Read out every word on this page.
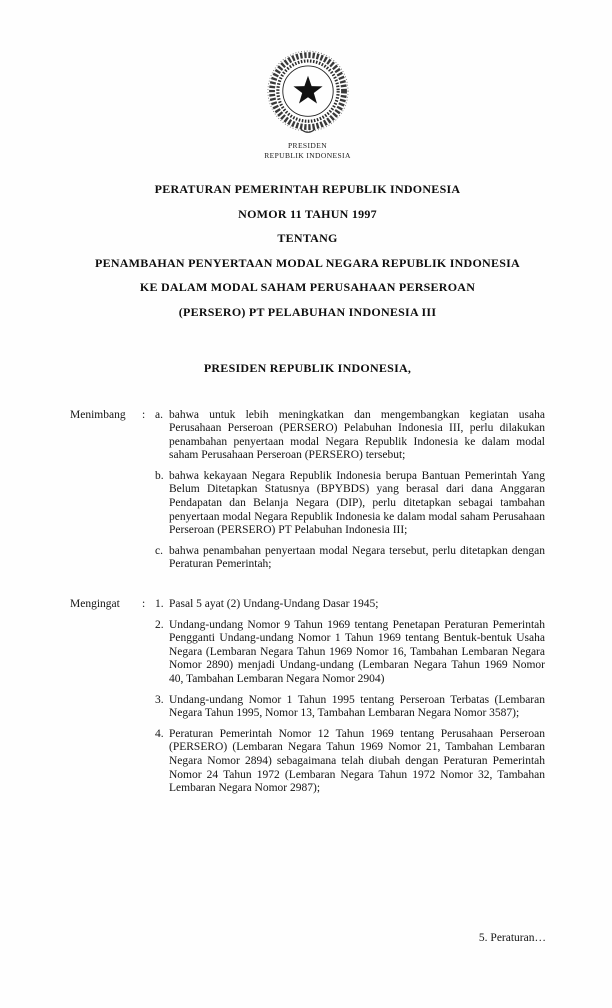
PRESIDEN
REPUBLIK INDONESIA
PERATURAN PEMERINTAH REPUBLIK INDONESIA
NOMOR 11 TAHUN 1997
TENTANG
PENAMBAHAN PENYERTAAN MODAL NEGARA REPUBLIK INDONESIA
KE DALAM MODAL SAHAM PERUSAHAAN PERSEROAN
(PERSERO) PT PELABUHAN INDONESIA III
PRESIDEN REPUBLIK INDONESIA,
Menimbang	: a. bahwa untuk lebih meningkatkan dan mengembangkan kegiatan usaha Perusahaan Perseroan (PERSERO) Pelabuhan Indonesia III, perlu dilakukan penambahan penyertaan modal Negara Republik Indonesia ke dalam modal saham Perusahaan Perseroan (PERSERO) tersebut;
b. bahwa kekayaan Negara Republik Indonesia berupa Bantuan Pemerintah Yang Belum Ditetapkan Statusnya (BPYBDS) yang berasal dari dana Anggaran Pendapatan dan Belanja Negara (DIP), perlu ditetapkan sebagai tambahan penyertaan modal Negara Republik Indonesia ke dalam modal saham Perusahaan Perseroan (PERSERO) PT Pelabuhan Indonesia III;
c. bahwa penambahan penyertaan modal Negara tersebut, perlu ditetapkan dengan Peraturan Pemerintah;
Mengingat	: 1. Pasal 5 ayat (2) Undang-Undang Dasar 1945;
2. Undang-undang Nomor 9 Tahun 1969 tentang Penetapan Peraturan Pemerintah Pengganti Undang-undang Nomor 1 Tahun 1969 tentang Bentuk-bentuk Usaha Negara (Lembaran Negara Tahun 1969 Nomor 16, Tambahan Lembaran Negara Nomor 2890) menjadi Undang-undang (Lembaran Negara Tahun 1969 Nomor 40, Tambahan Lembaran Negara Nomor 2904)
3. Undang-undang Nomor 1 Tahun 1995 tentang Perseroan Terbatas (Lembaran Negara Tahun 1995, Nomor 13, Tambahan Lembaran Negara Nomor 3587);
4. Peraturan Pemerintah Nomor 12 Tahun 1969 tentang Perusahaan Perseroan (PERSERO) (Lembaran Negara Tahun 1969 Nomor 21, Tambahan Lembaran Negara Nomor 2894) sebagaimana telah diubah dengan Peraturan Pemerintah Nomor 24 Tahun 1972 (Lembaran Negara Tahun 1972 Nomor 32, Tambahan Lembaran Negara Nomor 2987);
5. Peraturan…
